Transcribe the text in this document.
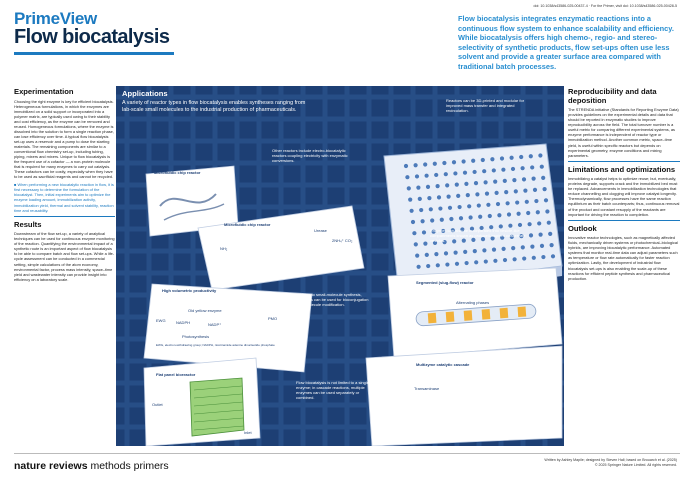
doi: 10.1038/s43586-025-00437-4 · For the Primer, visit doi: 10.1038/s43586-025-00428-5
PrimeView
Flow biocatalysis
Flow biocatalysis integrates enzymatic reactions into a continuous flow system to enhance scalability and efficiency. While biocatalysis offers high chemo-, regio- and stereo-selectivity of synthetic products, flow set-ups often use less solvent and provide a greater surface area compared with traditional batch processes.
Experimentation

Choosing the right enzyme is key for efficient biocatalysis. Heterogeneous formulations, in which the enzymes are immobilized on a solid support or incorporated into a polymer matrix, are typically used owing to their stability and cost efficiency, as the enzyme can be removed and reused. Homogeneous formulations, where the enzyme is dissolved into the solution to form a single reaction phase, can lose efficiency over time. A typical flow biocatalysis set-up uses a reservoir and a pump to dose the starting materials. The remaining components are similar to a conventional flow chemistry set-up, including tubing, piping, mixers and mixers. Unique to flow biocatalysis is the frequent use of a cofactor — a non-protein molecule that is required for many enzymes to carry out catalysis. These cofactors can be costly, especially when they have to be used as sacrificial reagents and cannot be recycled.

■ When performing a new biocatalytic reaction in flow, it is first necessary to determine the formulation of the biocatalyst. Then, initial experiments aim to optimize the enzyme loading amount, immobilization activity, immobilization yield, thermal and solvent stability, reaction time and reusability.

Results

Downstream of the flow set-up, a variety of analytical techniques can be used for continuous enzyme monitoring of the reaction. Quantifying the environmental impact of a synthetic route is an important aspect of flow biocatalysis to be able to compare batch and flow set-ups. While a life-cycle assessment can be conducted in a commercial setting, simple calculations of the atom economy, environmental factor, process mass intensity, space–time yield and wastewater intensity can provide insight into efficiency on a laboratory scale.

Applications
A variety of reactor types in flow biocatalysis enables syntheses ranging from lab-scale small molecules to the industrial production of pharmaceuticals.
Reactors can be 3D-printed and modular for improved mass transfer and integrated recirculation.
Other reactors include electro-biocatalytic reactors coupling electricity with enzymatic conversions.
Enzymes can also be incorporated into vesicle-like compartments known as protocell-inspired coacervate vesicles.
In addition to small-molecule synthesis, biocatalysts can be used for bioconjugation and biomolecule modification.
Flow biocatalysis is not limited to a single enzyme; in cascade reactions, multiple enzymes can be used separately or combined.
Microfluidic chip reactor
Microfluidic chip reactor
Urease
2NH₄⁺ CO₂
NH₂
High volumetric productivity
Old yellow enzyme
EWG	NADPH	NADP⁺
PMO
Photosynthesis
EWG, electron-withdrawing group; NADPH, nicotinamide adenine dinucleotide phosphate
Flat panel bioreactor
Outlet
Inlet
Segmented (slug-flow) reactor
Alternating phases
Multizyme catalytic cascade
Transaminase
Reproducibility and data deposition

The STRENDA initiative (Standards for Reporting Enzyme Data) provides guidelines on the experimental details and data that should be reported in enzymatic studies to improve reproducibility across the field. The total turnover number is a useful metric for comparing different experimental systems, as enzyme performance is independent of reactor type or immobilization method. Another common metric, space–time yield, is useful within specific reactors but depends on experimental geometry, enzyme conditions and mixing parameters.

Limitations and optimizations

Immobilizing a catalyst helps to optimize reuse; but, eventually, proteins degrade, supports crack and the immobilized bed must be replaced. Advancements in immobilization technologies that reduce channelling and clogging will improve catalyst longevity. Thermodynamically, flow processes have the same reaction equilibrium as their batch counterparts; thus, continuous removal of the product and constant resupply of the reactants are important for driving the reaction to completion.

Outlook

Innovative reactor technologies, such as magnetically affected fluids, mechanically driven systems or photochemical–biological hybrids, are improving biocatalytic performance. Automated systems that monitor real-time data can adjust parameters such as temperature or flow rate automatically for faster reaction optimization. Lastly, the development of industrial flow biocatalysis set-ups is also enabling the scale-up of these reactions for efficient peptide synthesis and pharmaceutical production.

nature reviews methods primers	Written by Ashley Mapile; designed by Steven Hall; based on Brouarch et al. (2025)
© 2025 Springer Nature Limited. All rights reserved.
